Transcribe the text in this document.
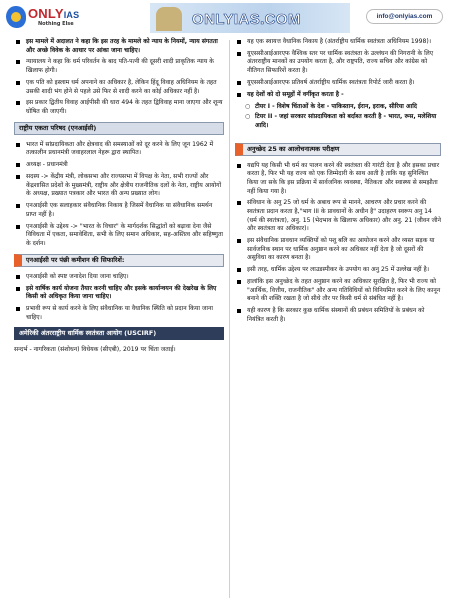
ONLYIAS
Nothing Else	ONLYIAS.COM	info@onlyias.com
इस मामले में अदालत ने कहा कि इस तरह के मामले को न्याय के नियमों, न्याय संगतता और अच्छे विवेक के आधार पर आंका जाना चाहिए।
न्यायालय ने कहा कि धर्म परिवर्तन के बाद पति-पत्नी की दूसरी शादी प्राकृतिक न्याय के खिलाफ होगी।
एक पति को इस्लाम धर्म अपनाने का अधिकार है, लेकिन हिंदू विवाह अधिनियम के तहत उसकी शादी भंग होने से पहले उसे फिर से शादी करने का कोई अधिकार नहीं है।
इस प्रकार द्वितीय विवाह आईपीसी की धारा 494 के तहत द्विविवाह माना जाएगा और शून्य घोषित की जाएगी।
राष्ट्रीय एकता परिषद (एनआईसी)
भारत में सांप्रदायिकता और क्षेत्रवाद की समस्याओं को दूर करने के लिए जून 1962 में तत्कालीन प्रधानमंत्री जवाहरलाल नेहरू द्वारा स्थापित।
अध्यक्ष - प्रधानमंत्री
सदस्य -> केंद्रीय मंत्री, लोकसभा और राज्यसभा में विपक्ष के नेता, सभी राज्यों और केंद्रशासित प्रदेशों के मुख्यमंत्री, राष्ट्रीय और क्षेत्रीय राजनीतिक दलों के नेता, राष्ट्रीय आयोगों के अध्यक्ष, प्रख्यात पत्रकार और भारत की अन्य प्रख्यात लोग।
एनआईसी एक सलाहकार संवैधानिक निकाय है जिसमें वैधानिक या संवैधानिक समर्थन प्राप्त नहीं है।
एनआईसी के उद्देश्य -> "भारत के विचार" के मार्गदर्शक सिद्धांतों को बढ़ावा देना जैसे विविधता में एकता, समावेशिता, सभी के लिए समान अधिकार, सह-अस्तित्व और सहिष्णुता के दर्शन।
एनआईसी पर पंछी कमीशन की सिफारिशें:
एनआईसी को स्पष्ट जनादेश दिया जाना चाहिए।
इसे वार्षिक कार्य योजना तैयार करनी चाहिए और इसके कार्यान्वयन की देखरेख के लिए किसी को अधिकृत किया जाना चाहिए।
प्रभावी रूप से कार्य करने के लिए संवैधानिक या वैधानिक स्थिति को प्रदान किया जाना चाहिए।
अमेरिकी अंतरराष्ट्रीय धार्मिक स्वतंत्रता आयोग (USCIRF)
सन्दर्भ - नागरिकता (संशोधन) विधेयक (सीएबी), 2019 पर चिंता जताई।
यह एक स्वायत्त वैधानिक निकाय है (अंतर्राष्ट्रीय धार्मिक स्वतंत्रता अधिनियम 1998)।
यूएससीआईआरएफ वैश्विक स्तर पर धार्मिक स्वतंत्रता के उल्लंघन की निगरानी के लिए अंतरराष्ट्रीय मानकों का उपयोग करता है, और राष्ट्रपति, राज्य सचिव और कांग्रेस को नीतिगत सिफारिशें करता है।
यूएससीआईआरएफ प्रतिवर्ष अंतर्राष्ट्रीय धार्मिक स्वतंत्रता रिपोर्ट जारी करता है।
यह देशों को दो समूहों में वर्गीकृत करता है -
○ टीयर I - विशेष चिंताओं के देश - पाकिस्तान, ईरान, इराक, सीरिया आदि
○ टियर II - जहां सरकार सांप्रदायिकता को बर्दाश्त करती है - भारत, रूस, मलेशिया आदि।
अनुच्छेद 25 का आलोचनात्मक परीक्षण
यद्यपि यह किसी भी धर्म का पालन करने की स्वतंत्रता की गारंटी देता है और इसका प्रचार करता है, फिर भी यह राज्य को एक जिम्मेदारी के साथ आती है ताकि यह सुनिश्चित किया जा सके कि इस प्रक्रिया में सार्वजनिक व्यवस्था, नैतिकता और स्वास्थ्य से समझौता नहीं किया गया है।
संविधान के अनु 25 जो धर्म के अबाध रूप से मानने, आचरण और प्रचार करने की स्वतंत्रता प्रदान करता है,"भाग III के प्रावधानों के अधीन है" उदाहरण स्वरूप अनु 14 (धर्म की स्वतंत्रता), अनु. 15 (भेदभाव के खिलाफ अधिकार) और अनु. 21 (जीवन जीने और स्वतंत्रता का अधिकार)।
इस संवैधानिक प्रावधान व्यक्तियों को पशु बलि का आयोजन करने और व्यस्त सड़क या सार्वजनिक स्थान पर धार्मिक अनुष्ठान करने का अधिकार नहीं देता है जो दूसरों की असुविधा का कारण बनता है।
इसी तरह, धार्मिक उद्देश्य पर लाउडस्पीकर के उपयोग का अनु 25 में उल्लेख नहीं है।
हालांकि इस अनुच्छेद के तहत अनुष्ठान करने का अधिकार सुरक्षित है, फिर भी राज्य को "आर्थिक, वित्तीय, राजनीतिक" और अन्य गतिविधियों को विनियमित करने के लिए कानून बनाने की शक्ति रखता है जो सीधे तौर पर किसी धर्म से संबंधित नहीं है।
यही कारण है कि सरकार कुछ धार्मिक संस्थानों की प्रबंधन समितियों के प्रबंधन को नियंत्रित करती है।
